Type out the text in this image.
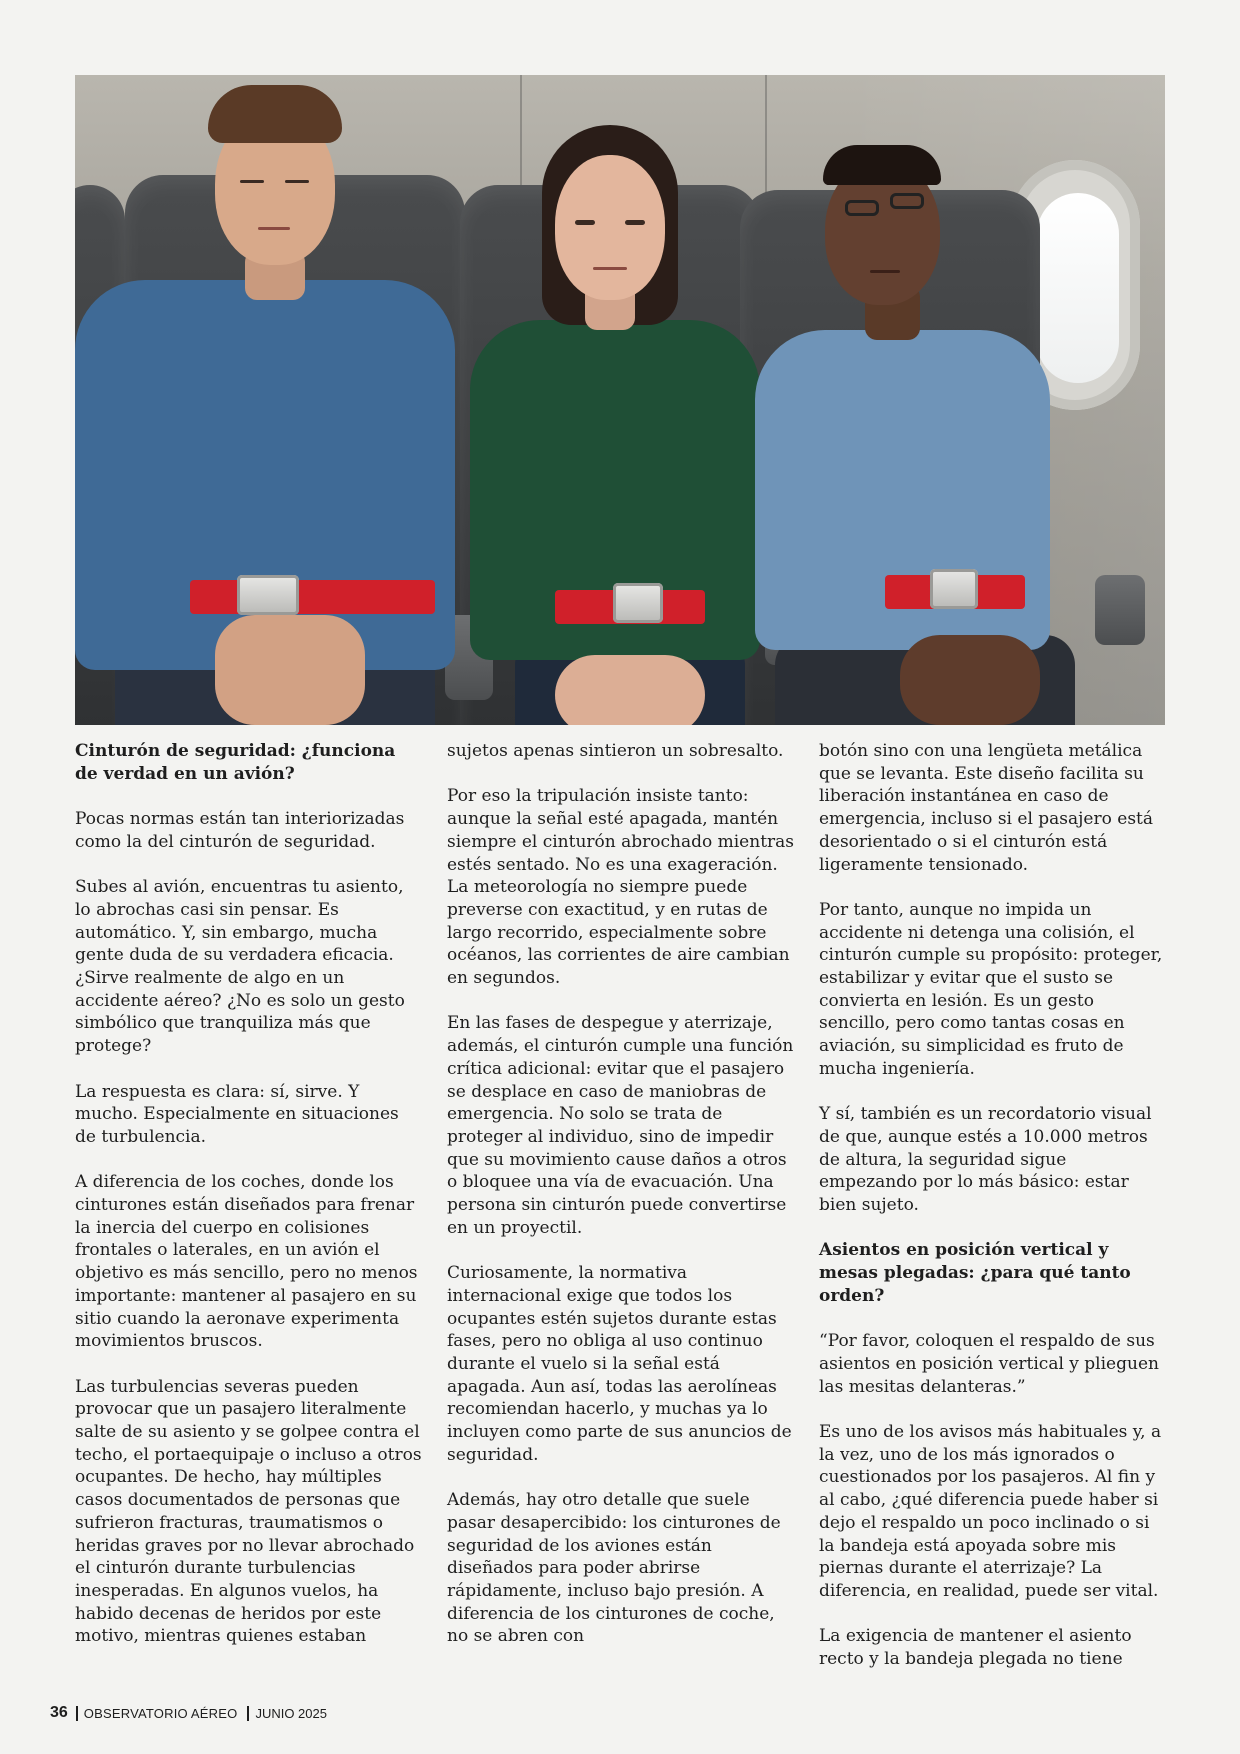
Cinturón de seguridad: ¿funciona de verdad en un avión?

Pocas normas están tan interiorizadas como la del cinturón de seguridad.

Subes al avión, encuentras tu asiento, lo abrochas casi sin pensar. Es automático. Y, sin embargo, mucha gente duda de su verdadera eficacia. ¿Sirve realmente de algo en un accidente aéreo? ¿No es solo un gesto simbólico que tranquiliza más que protege?

La respuesta es clara: sí, sirve. Y mucho. Especialmente en situaciones de turbulencia.

A diferencia de los coches, donde los cinturones están diseñados para frenar la inercia del cuerpo en colisiones frontales o laterales, en un avión el objetivo es más sencillo, pero no menos importante: mantener al pasajero en su sitio cuando la aeronave experimenta movimientos bruscos.

Las turbulencias severas pueden provocar que un pasajero literalmente salte de su asiento y se golpee contra el techo, el portaequipaje o incluso a otros ocupantes. De hecho, hay múltiples casos documentados de personas que sufrieron fracturas, traumatismos o heridas graves por no llevar abrochado el cinturón durante turbulencias inesperadas. En algunos vuelos, ha habido decenas de heridos por este motivo, mientras quienes estaban

sujetos apenas sintieron un sobresalto.

Por eso la tripulación insiste tanto: aunque la señal esté apagada, mantén siempre el cinturón abrochado mientras estés sentado. No es una exageración. La meteorología no siempre puede preverse con exactitud, y en rutas de largo recorrido, especialmente sobre océanos, las corrientes de aire cambian en segundos.

En las fases de despegue y aterrizaje, además, el cinturón cumple una función crítica adicional: evitar que el pasajero se desplace en caso de maniobras de emergencia. No solo se trata de proteger al individuo, sino de impedir que su movimiento cause daños a otros o bloquee una vía de evacuación. Una persona sin cinturón puede convertirse en un proyectil.

Curiosamente, la normativa internacional exige que todos los ocupantes estén sujetos durante estas fases, pero no obliga al uso continuo durante el vuelo si la señal está apagada. Aun así, todas las aerolíneas recomiendan hacerlo, y muchas ya lo incluyen como parte de sus anuncios de seguridad.

Además, hay otro detalle que suele pasar desapercibido: los cinturones de seguridad de los aviones están diseñados para poder abrirse rápidamente, incluso bajo presión. A diferencia de los cinturones de coche, no se abren con

botón sino con una lengüeta metálica que se levanta. Este diseño facilita su liberación instantánea en caso de emergencia, incluso si el pasajero está desorientado o si el cinturón está ligeramente tensionado.

Por tanto, aunque no impida un accidente ni detenga una colisión, el cinturón cumple su propósito: proteger, estabilizar y evitar que el susto se convierta en lesión. Es un gesto sencillo, pero como tantas cosas en aviación, su simplicidad es fruto de mucha ingeniería.

Y sí, también es un recordatorio visual de que, aunque estés a 10.000 metros de altura, la seguridad sigue empezando por lo más básico: estar bien sujeto.

Asientos en posición vertical y mesas plegadas: ¿para qué tanto orden?

“Por favor, coloquen el respaldo de sus asientos en posición vertical y plieguen las mesitas delanteras.”

Es uno de los avisos más habituales y, a la vez, uno de los más ignorados o cuestionados por los pasajeros. Al fin y al cabo, ¿qué diferencia puede haber si dejo el respaldo un poco inclinado o si la bandeja está apoyada sobre mis piernas durante el aterrizaje? La diferencia, en realidad, puede ser vital.

La exigencia de mantener el asiento recto y la bandeja plegada no tiene

36 OBSERVATORIO AÉREO JUNIO 2025
